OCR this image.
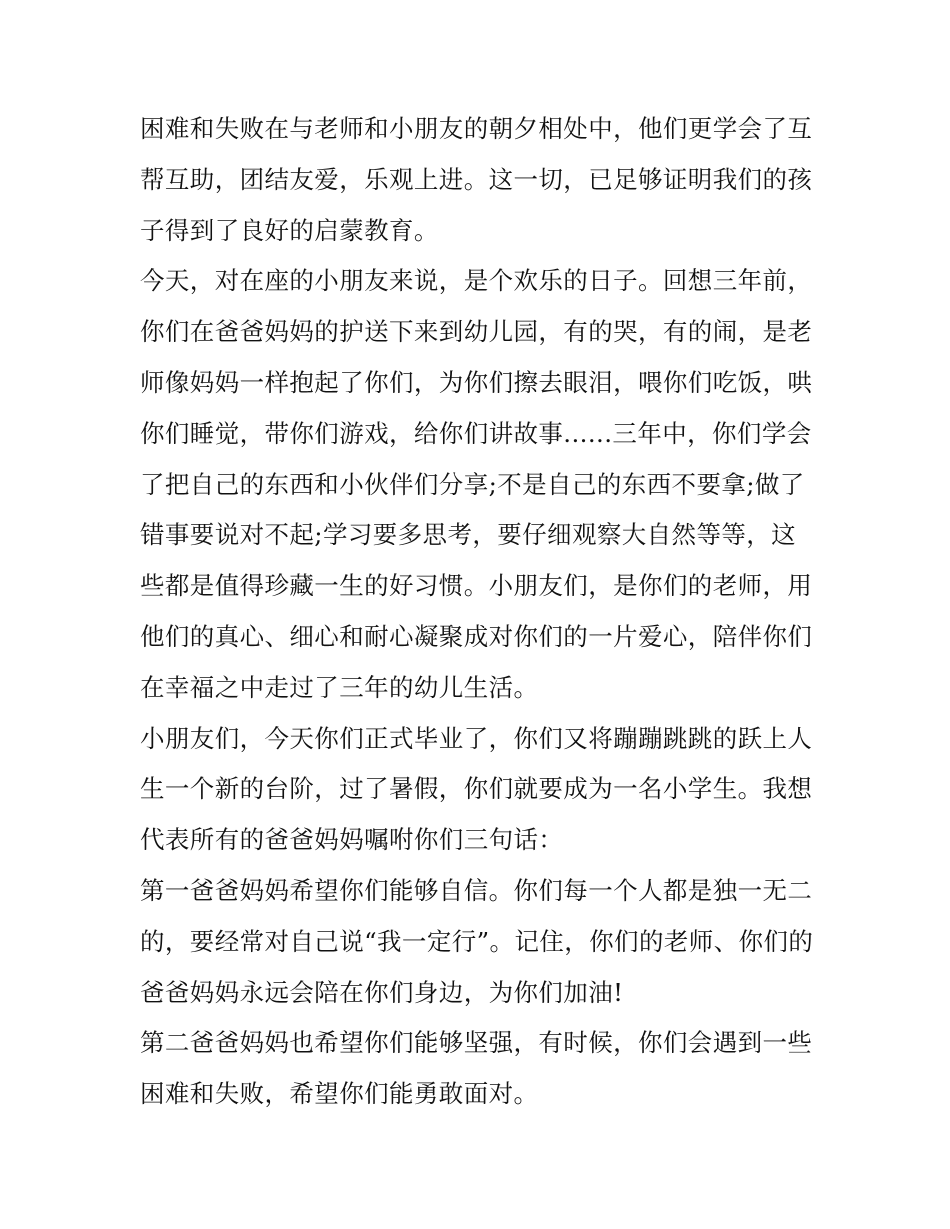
困难和失败在与老师和小朋友的朝夕相处中，他们更学会了互
帮互助，团结友爱，乐观上进。这一切，已足够证明我们的孩
子得到了良好的启蒙教育。
今天，对在座的小朋友来说，是个欢乐的日子。回想三年前，
你们在爸爸妈妈的护送下来到幼儿园，有的哭，有的闹，是老
师像妈妈一样抱起了你们，为你们擦去眼泪，喂你们吃饭，哄
你们睡觉，带你们游戏，给你们讲故事......三年中，你们学会
了把自己的东西和小伙伴们分享;不是自己的东西不要拿;做了
错事要说对不起;学习要多思考，要仔细观察大自然等等，这
些都是值得珍藏一生的好习惯。小朋友们，是你们的老师，用
他们的真心、细心和耐心凝聚成对你们的一片爱心，陪伴你们
在幸福之中走过了三年的幼儿生活。
小朋友们，今天你们正式毕业了，你们又将蹦蹦跳跳的跃上人
生一个新的台阶，过了暑假，你们就要成为一名小学生。我想
代表所有的爸爸妈妈嘱咐你们三句话：
第一爸爸妈妈希望你们能够自信。你们每一个人都是独一无二
的，要经常对自己说“我一定行”。记住，你们的老师、你们的
爸爸妈妈永远会陪在你们身边，为你们加油!
第二爸爸妈妈也希望你们能够坚强，有时候，你们会遇到一些
困难和失败，希望你们能勇敢面对。
